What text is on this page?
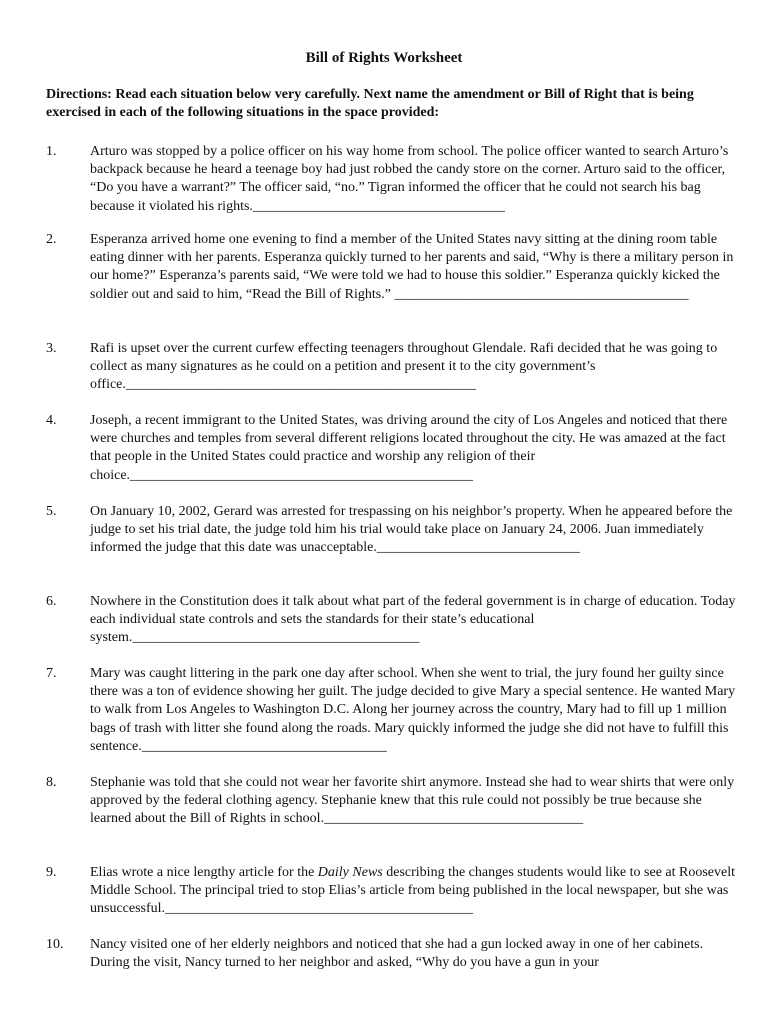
Bill of Rights Worksheet
Directions: Read each situation below very carefully. Next name the amendment or Bill of Right that is being exercised in each of the following situations in the space provided:
1.	Arturo was stopped by a police officer on his way home from school. The police officer wanted to search Arturo’s backpack because he heard a teenage boy had just robbed the candy store on the corner. Arturo said to the officer, “Do you have a warrant?” The officer said, “no.” Tigran informed the officer that he could not search his bag because it violated his rights.____________________________________
2.	Esperanza arrived home one evening to find a member of the United States navy sitting at the dining room table eating dinner with her parents. Esperanza quickly turned to her parents and said, “Why is there a military person in our home?” Esperanza’s parents said, “We were told we had to house this soldier.” Esperanza quickly kicked the soldier out and said to him, “Read the Bill of Rights.” __________________________________________
3.	Rafi is upset over the current curfew effecting teenagers throughout Glendale. Rafi decided that he was going to collect as many signatures as he could on a petition and present it to the city government’s office.__________________________________________________
4.	Joseph, a recent immigrant to the United States, was driving around the city of Los Angeles and noticed that there were churches and temples from several different religions located throughout the city. He was amazed at the fact that people in the United States could practice and worship any religion of their choice._________________________________________________
5.	On January 10, 2002, Gerard was arrested for trespassing on his neighbor’s property. When he appeared before the judge to set his trial date, the judge told him his trial would take place on January 24, 2006. Juan immediately informed the judge that this date was unacceptable._____________________________
6.	Nowhere in the Constitution does it talk about what part of the federal government is in charge of education. Today each individual state controls and sets the standards for their state’s educational system._________________________________________
7.	Mary was caught littering in the park one day after school. When she went to trial, the jury found her guilty since there was a ton of evidence showing her guilt. The judge decided to give Mary a special sentence. He wanted Mary to walk from Los Angeles to Washington D.C. Along her journey across the country, Mary had to fill up 1 million bags of trash with litter she found along the roads. Mary quickly informed the judge she did not have to fulfill this sentence.___________________________________
8.	Stephanie was told that she could not wear her favorite shirt anymore. Instead she had to wear shirts that were only approved by the federal clothing agency. Stephanie knew that this rule could not possibly be true because she learned about the Bill of Rights in school._____________________________________
9.	Elias wrote a nice lengthy article for the Daily News describing the changes students would like to see at Roosevelt Middle School. The principal tried to stop Elias’s article from being published in the local newspaper, but she was unsuccessful.____________________________________________
10.	Nancy visited one of her elderly neighbors and noticed that she had a gun locked away in one of her cabinets. During the visit, Nancy turned to her neighbor and asked, “Why do you have a gun in your
